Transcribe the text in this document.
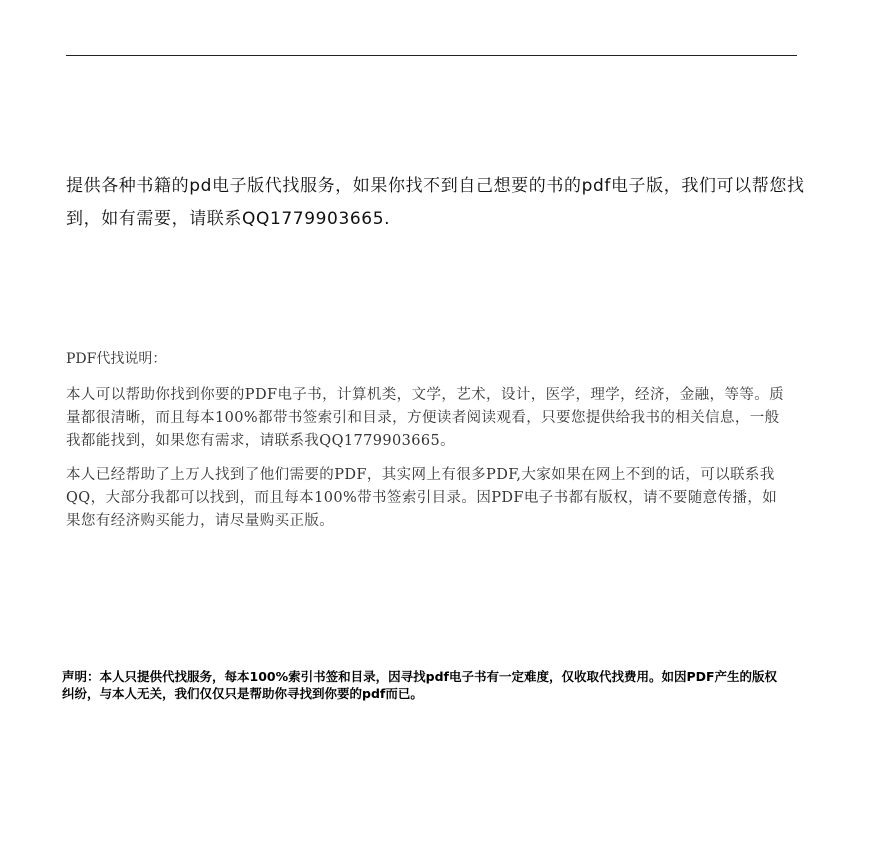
提供各种书籍的pd电子版代找服务，如果你找不到自己想要的书的pdf电子版，我们可以帮您找到，如有需要，请联系QQ1779903665.

PDF代找说明：

本人可以帮助你找到你要的PDF电子书，计算机类，文学，艺术，设计，医学，理学，经济，金融，等等。质量都很清晰，而且每本100%都带书签索引和目录，方便读者阅读观看，只要您提供给我书的相关信息，一般我都能找到，如果您有需求，请联系我QQ1779903665。

本人已经帮助了上万人找到了他们需要的PDF，其实网上有很多PDF,大家如果在网上不到的话，可以联系我QQ，大部分我都可以找到，而且每本100%带书签索引目录。因PDF电子书都有版权，请不要随意传播，如果您有经济购买能力，请尽量购买正版。

声明：本人只提供代找服务，每本100%索引书签和目录，因寻找pdf电子书有一定难度，仅收取代找费用。如因PDF产生的版权纠纷，与本人无关，我们仅仅只是帮助你寻找到你要的pdf而已。
